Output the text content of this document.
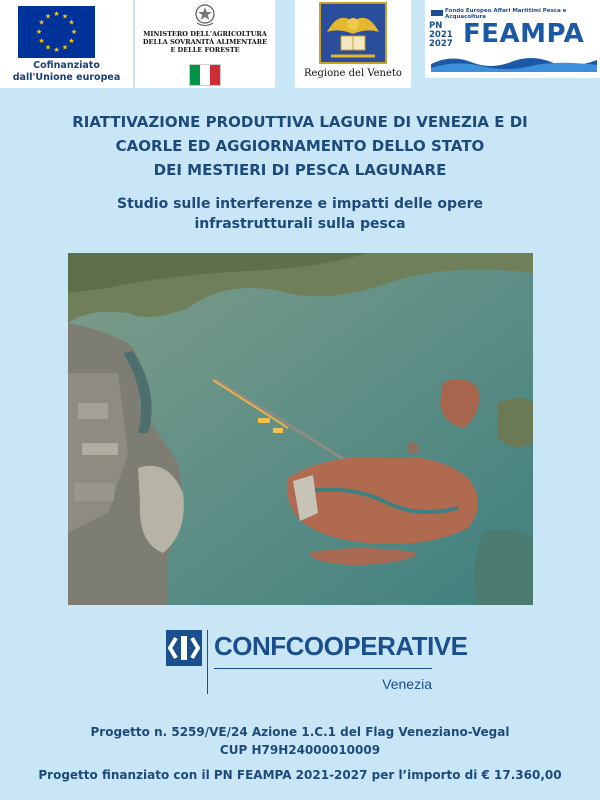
★ ★
★
★
★
★
★
★
★
★
★
★
Cofinanziato
dall'Unione europea
MINISTERO DELL'AGRICOLTURA
DELLA SOVRANITÀ ALIMENTARE
E DELLE FORESTE
Regione del Veneto
Fondo Europeo Affari Marittimi Pesca e Acquacoltura
PN
2021
2027 FEAMPA
RIATTIVAZIONE PRODUTTIVA LAGUNE DI VENEZIA E DI
CAORLE ED AGGIORNAMENTO DELLO STATO
DEI MESTIERI DI PESCA LAGUNARE
Studio sulle interferenze e impatti delle opere
infrastrutturali sulla pesca
CONFCOOPERATIVE
Venezia
Progetto n. 5259/VE/24 Azione 1.C.1 del Flag Veneziano-Vegal
CUP H79H24000010009
Progetto finanziato con il PN FEAMPA 2021-2027 per l’importo di € 17.360,00
